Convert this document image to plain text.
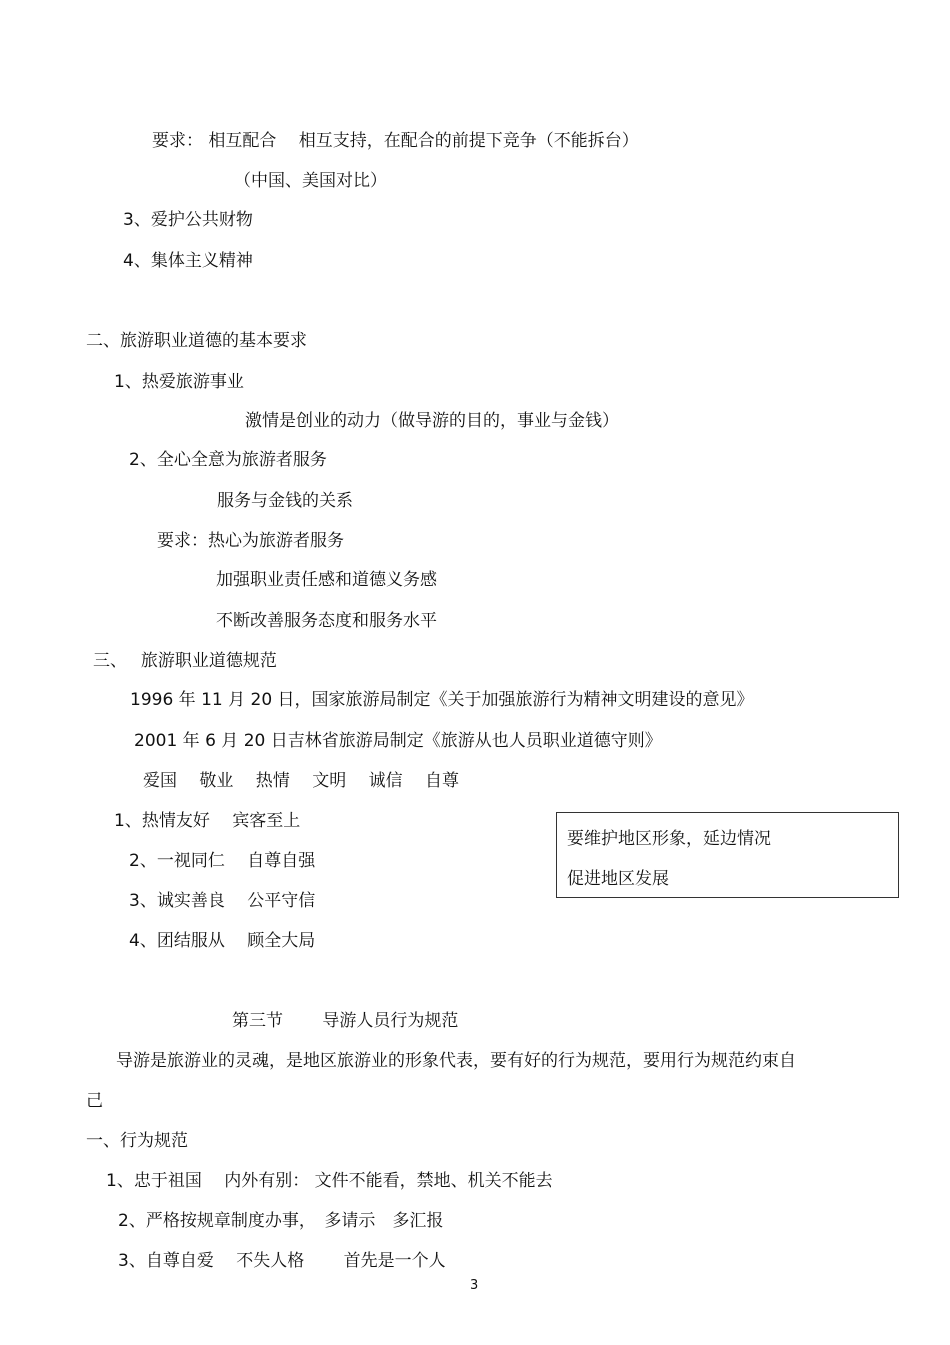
要求： 相互配合　 相互支持，在配合的前提下竞争（不能拆台）
（中国、美国对比）
3、爱护公共财物
4、集体主义精神
二、旅游职业道德的基本要求
1、热爱旅游事业
激情是创业的动力（做导游的目的，事业与金钱）
2、全心全意为旅游者服务
服务与金钱的关系
要求：热心为旅游者服务
加强职业责任感和道德义务感
不断改善服务态度和服务水平
三、　 旅游职业道德规范
1996 年 11 月 20 日，国家旅游局制定《关于加强旅游行为精神文明建设的意见》
2001 年 6 月 20 日吉林省旅游局制定《旅游从也人员职业道德守则》
爱国　 敬业　 热情　 文明　 诚信　 自尊
1、热情友好　 宾客至上
2、一视同仁　 自尊自强
3、诚实善良　 公平守信
4、团结服从　 顾全大局
要维护地区形象，延边情况
促进地区发展
第三节　　 导游人员行为规范
导游是旅游业的灵魂，是地区旅游业的形象代表，要有好的行为规范，要用行为规范约束自
己
一、行为规范
1、忠于祖国　 内外有别： 文件不能看，禁地、机关不能去
2、严格按规章制度办事，　多请示　多汇报
3、自尊自爱　 不失人格　　 首先是一个人
3
